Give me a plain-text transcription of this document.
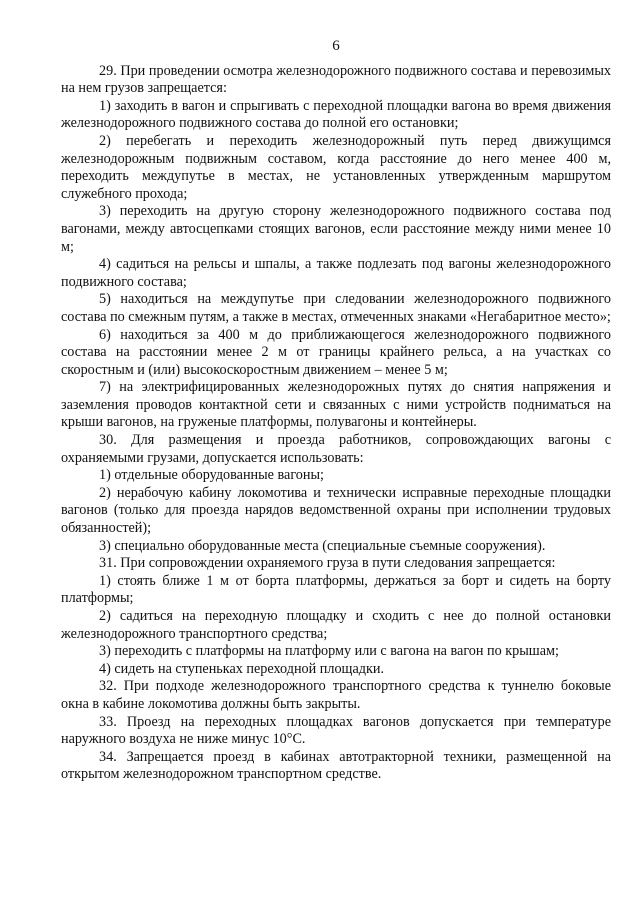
6

29. При проведении осмотра железнодорожного подвижного состава и перевозимых на нем грузов запрещается:

1) заходить в вагон и спрыгивать с переходной площадки вагона во время движения железнодорожного подвижного состава до полной его остановки;

2) перебегать и переходить железнодорожный путь перед движущимся железнодорожным подвижным составом, когда расстояние до него менее 400 м, переходить междупутье в местах, не установленных утвержденным маршрутом служебного прохода;

3) переходить на другую сторону железнодорожного подвижного состава под вагонами, между автосцепками стоящих вагонов, если расстояние между ними менее 10 м;

4) садиться на рельсы и шпалы, а также подлезать под вагоны железнодорожного подвижного состава;

5) находиться на междупутье при следовании железнодорожного подвижного состава по смежным путям, а также в местах, отмеченных знаками «Негабаритное место»;

6) находиться за 400 м до приближающегося железнодорожного подвижного состава на расстоянии менее 2 м от границы крайнего рельса, а на участках со скоростным и (или) высокоскоростным движением – менее 5 м;

7) на электрифицированных железнодорожных путях до снятия напряжения и заземления проводов контактной сети и связанных с ними устройств подниматься на крыши вагонов, на груженые платформы, полувагоны и контейнеры.

30. Для размещения и проезда работников, сопровождающих вагоны с охраняемыми грузами, допускается использовать:

1) отдельные оборудованные вагоны;

2) нерабочую кабину локомотива и технически исправные переходные площадки вагонов (только для проезда нарядов ведомственной охраны при исполнении трудовых обязанностей);

3) специально оборудованные места (специальные съемные сооружения).

31. При сопровождении охраняемого груза в пути следования запрещается:

1) стоять ближе 1 м от борта платформы, держаться за борт и сидеть на борту платформы;

2) садиться на переходную площадку и сходить с нее до полной остановки железнодорожного транспортного средства;

3) переходить с платформы на платформу или с вагона на вагон по крышам;

4) сидеть на ступеньках переходной площадки.

32. При подходе железнодорожного транспортного средства к туннелю боковые окна в кабине локомотива должны быть закрыты.

33. Проезд на переходных площадках вагонов допускается при температуре наружного воздуха не ниже минус 10°С.

34. Запрещается проезд в кабинах автотракторной техники, размещенной на открытом железнодорожном транспортном средстве.
